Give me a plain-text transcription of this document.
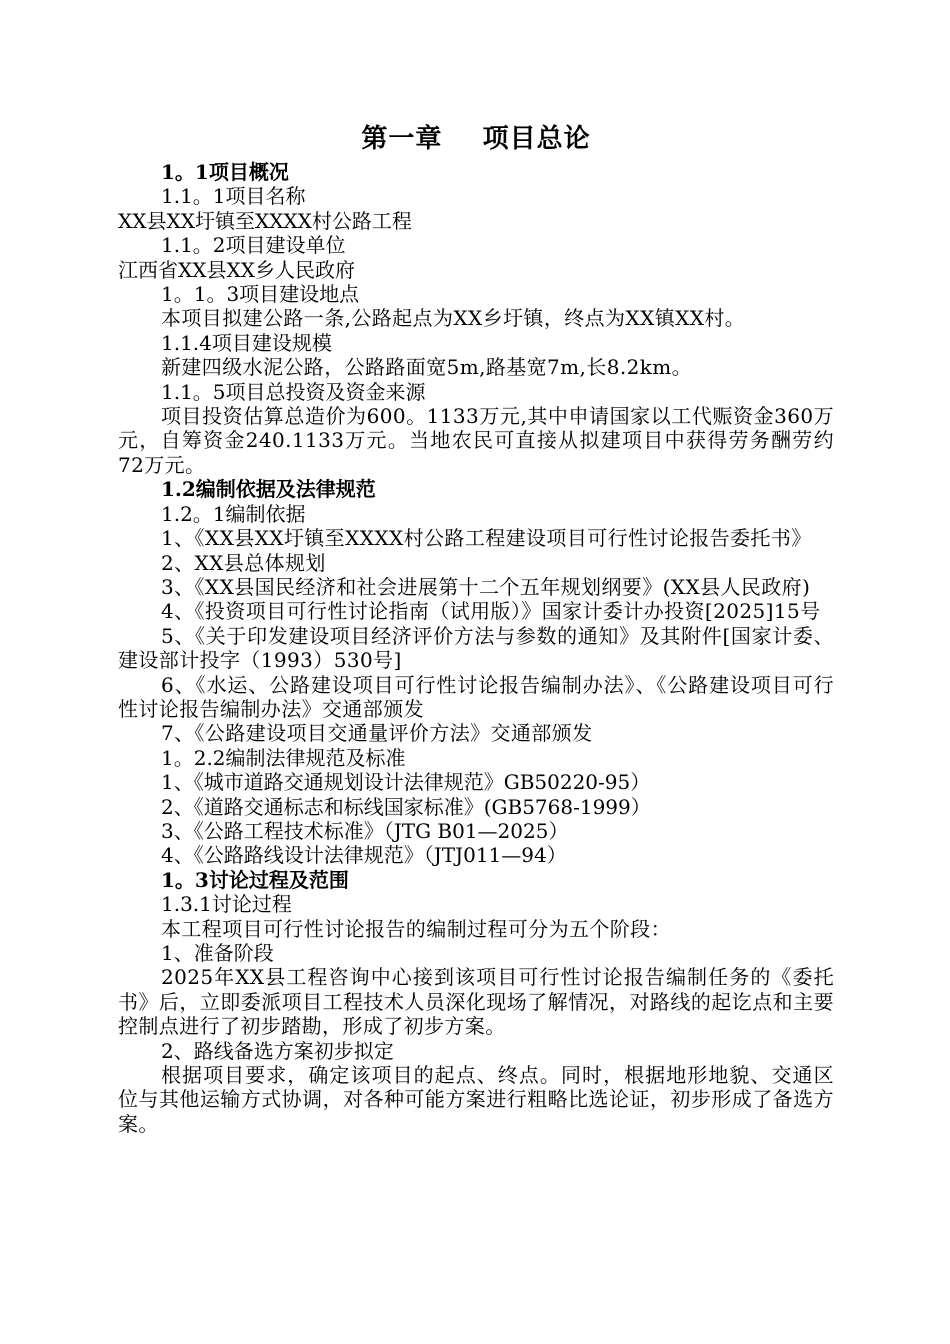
第一章    项目总论
1。1项目概况
1.1。1项目名称
XX县XX圩镇至XXXX村公路工程
1.1。2项目建设单位
江西省XX县XX乡人民政府
1。1。3项目建设地点
本项目拟建公路一条,公路起点为XX乡圩镇，终点为XX镇XX村。
1.1.4项目建设规模
新建四级水泥公路，公路路面宽5m,路基宽7m,长8.2km。
1.1。5项目总投资及资金来源
项目投资估算总造价为600。1133万元,其中申请国家以工代赈资金360万元，自筹资金240.1133万元。当地农民可直接从拟建项目中获得劳务酬劳约72万元。
1.2编制依据及法律规范
1.2。1编制依据
1、《XX县XX圩镇至XXXX村公路工程建设项目可行性讨论报告委托书》
2、XX县总体规划
3、《XX县国民经济和社会进展第十二个五年规划纲要》(XX县人民政府)
4、《投资项目可行性讨论指南（试用版）》国家计委计办投资[2025]15号
5、《关于印发建设项目经济评价方法与参数的通知》及其附件[国家计委、建设部计投字（1993）530号]
6、《水运、公路建设项目可行性讨论报告编制办法》、《公路建设项目可行性讨论报告编制办法》交通部颁发
7、《公路建设项目交通量评价方法》交通部颁发
1。2.2编制法律规范及标准
1、《城市道路交通规划设计法律规范》GB50220-95）
2、《道路交通标志和标线国家标准》(GB5768-1999）
3、《公路工程技术标准》（JTG B01—2025）
4、《公路路线设计法律规范》（JTJ011—94）
1。3讨论过程及范围
1.3.1讨论过程
本工程项目可行性讨论报告的编制过程可分为五个阶段：
1、准备阶段
2025年XX县工程咨询中心接到该项目可行性讨论报告编制任务的《委托书》后，立即委派项目工程技术人员深化现场了解情况，对路线的起讫点和主要控制点进行了初步踏勘，形成了初步方案。
2、路线备选方案初步拟定
根据项目要求，确定该项目的起点、终点。同时，根据地形地貌、交通区位与其他运输方式协调，对各种可能方案进行粗略比选论证，初步形成了备选方案。
